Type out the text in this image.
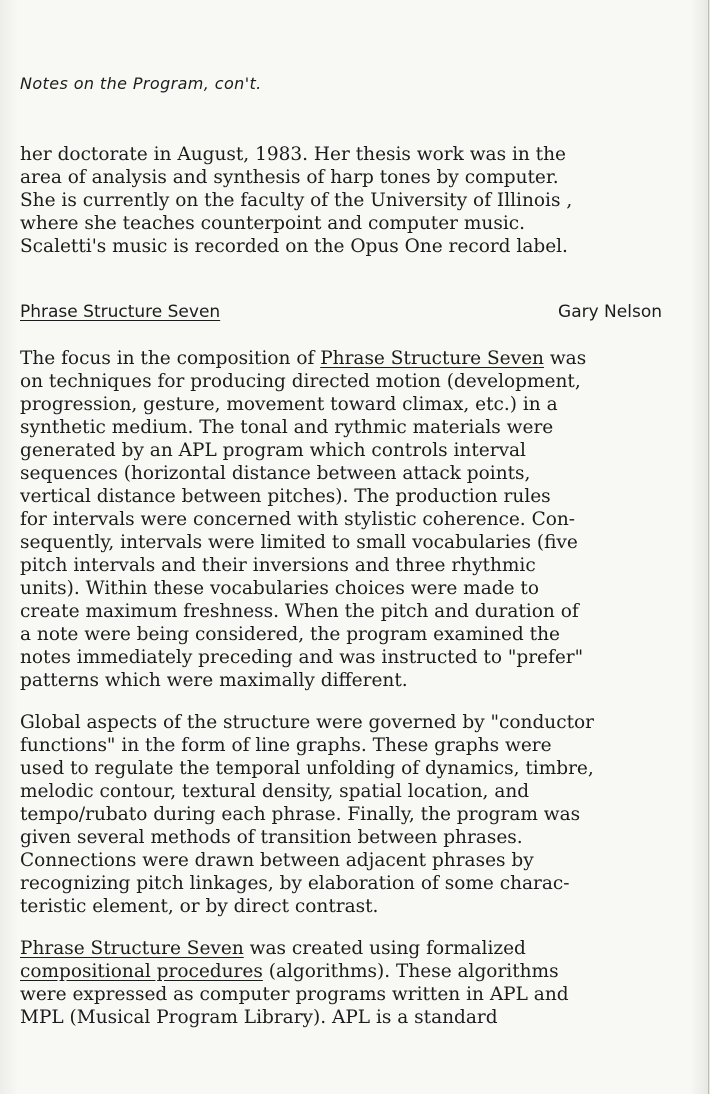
Notes on the Program, con't.
her doctorate in August, 1983. Her thesis work was in the
area of analysis and synthesis of harp tones by computer.
She is currently on the faculty of the University of Illinois ,
where she teaches counterpoint and computer music.
Scaletti's music is recorded on the Opus One record label.
Phrase Structure Seven	Gary Nelson
The focus in the composition of Phrase Structure Seven was
on techniques for producing directed motion (development,
progression, gesture, movement toward climax, etc.) in a
synthetic medium. The tonal and rythmic materials were
generated by an APL program which controls interval
sequences (horizontal distance between attack points,
vertical distance between pitches). The production rules
for intervals were concerned with stylistic coherence. Con-
sequently, intervals were limited to small vocabularies (five
pitch intervals and their inversions and three rhythmic
units). Within these vocabularies choices were made to
create maximum freshness. When the pitch and duration of
a note were being considered, the program examined the
notes immediately preceding and was instructed to "prefer"
patterns which were maximally different.
Global aspects of the structure were governed by "conductor
functions" in the form of line graphs. These graphs were
used to regulate the temporal unfolding of dynamics, timbre,
melodic contour, textural density, spatial location, and
tempo/rubato during each phrase. Finally, the program was
given several methods of transition between phrases.
Connections were drawn between adjacent phrases by
recognizing pitch linkages, by elaboration of some charac-
teristic element, or by direct contrast.
Phrase Structure Seven was created using formalized
compositional procedures (algorithms). These algorithms
were expressed as computer programs written in APL and
MPL (Musical Program Library). APL is a standard
